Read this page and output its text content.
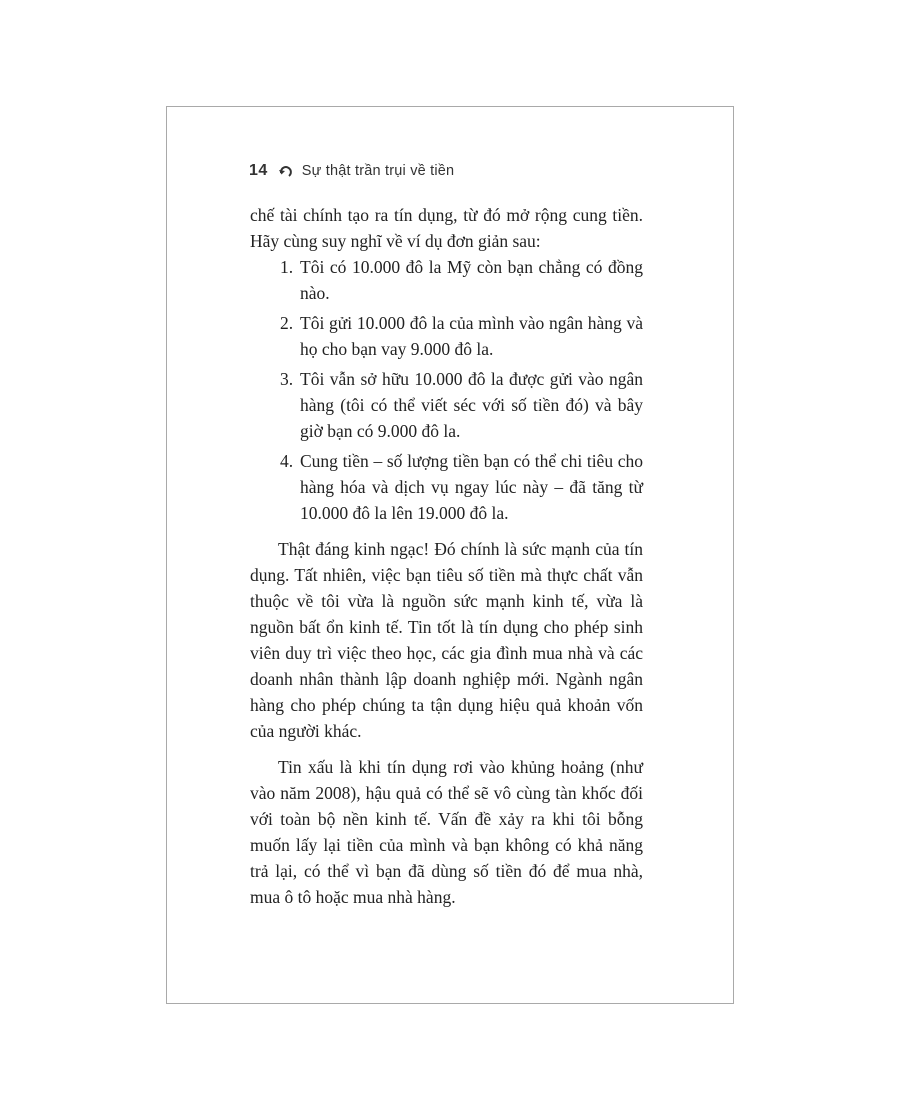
14 Sự thật trần trụi về tiền

chế tài chính tạo ra tín dụng, từ đó mở rộng cung tiền. Hãy cùng suy nghĩ về ví dụ đơn giản sau:

1. Tôi có 10.000 đô la Mỹ còn bạn chẳng có đồng nào.
2. Tôi gửi 10.000 đô la của mình vào ngân hàng và họ cho bạn vay 9.000 đô la.
3. Tôi vẫn sở hữu 10.000 đô la được gửi vào ngân hàng (tôi có thể viết séc với số tiền đó) và bây giờ bạn có 9.000 đô la.
4. Cung tiền – số lượng tiền bạn có thể chi tiêu cho hàng hóa và dịch vụ ngay lúc này – đã tăng từ 10.000 đô la lên 19.000 đô la.

Thật đáng kinh ngạc! Đó chính là sức mạnh của tín dụng. Tất nhiên, việc bạn tiêu số tiền mà thực chất vẫn thuộc về tôi vừa là nguồn sức mạnh kinh tế, vừa là nguồn bất ổn kinh tế. Tin tốt là tín dụng cho phép sinh viên duy trì việc theo học, các gia đình mua nhà và các doanh nhân thành lập doanh nghiệp mới. Ngành ngân hàng cho phép chúng ta tận dụng hiệu quả khoản vốn của người khác.

Tin xấu là khi tín dụng rơi vào khủng hoảng (như vào năm 2008), hậu quả có thể sẽ vô cùng tàn khốc đối với toàn bộ nền kinh tế. Vấn đề xảy ra khi tôi bỗng muốn lấy lại tiền của mình và bạn không có khả năng trả lại, có thể vì bạn đã dùng số tiền đó để mua nhà, mua ô tô hoặc mua nhà hàng.
